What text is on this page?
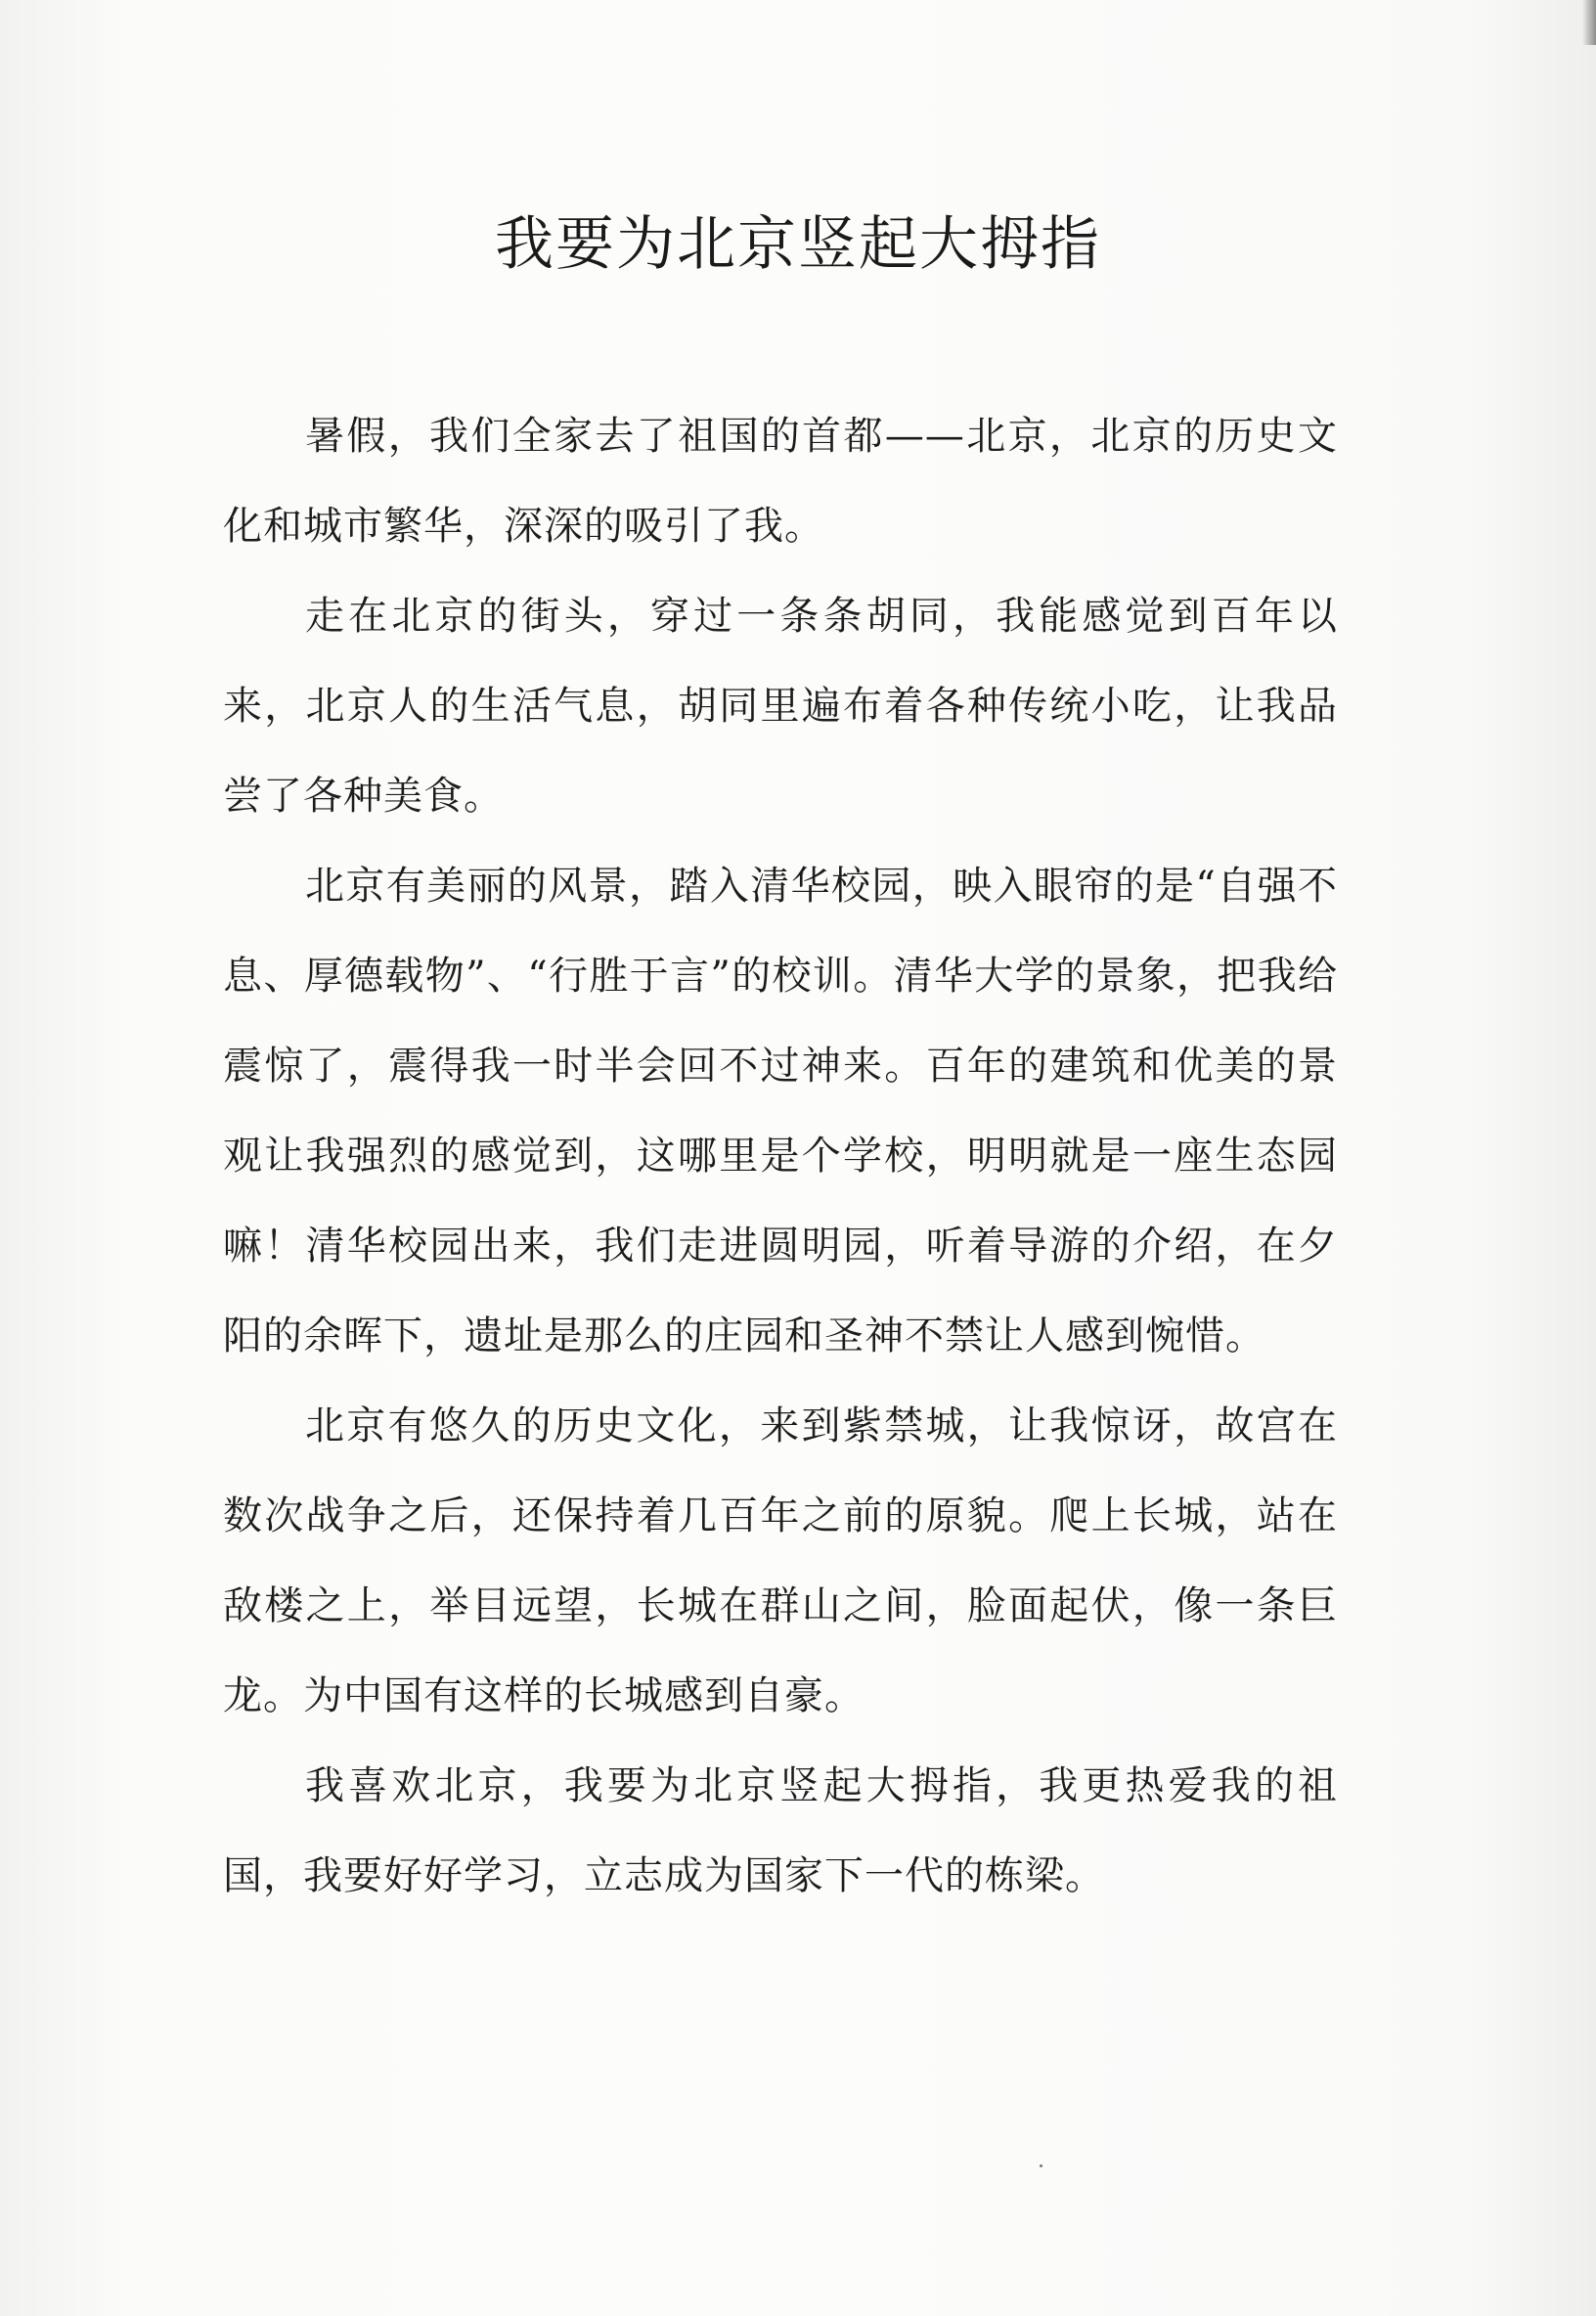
我要为北京竖起大拇指

暑假，我们全家去了祖国的首都——北京，北京的历史文化和城市繁华，深深的吸引了我。

走在北京的街头，穿过一条条胡同，我能感觉到百年以来，北京人的生活气息，胡同里遍布着各种传统小吃，让我品尝了各种美食。

北京有美丽的风景，踏入清华校园，映入眼帘的是“自强不息、厚德载物”、“行胜于言”的校训。清华大学的景象，把我给震惊了，震得我一时半会回不过神来。百年的建筑和优美的景观让我强烈的感觉到，这哪里是个学校，明明就是一座生态园嘛！清华校园出来，我们走进圆明园，听着导游的介绍，在夕阳的余晖下，遗址是那么的庄园和圣神不禁让人感到惋惜。

北京有悠久的历史文化，来到紫禁城，让我惊讶，故宫在数次战争之后，还保持着几百年之前的原貌。爬上长城，站在敌楼之上，举目远望，长城在群山之间，脸面起伏，像一条巨龙。为中国有这样的长城感到自豪。

我喜欢北京，我要为北京竖起大拇指，我更热爱我的祖国，我要好好学习，立志成为国家下一代的栋梁。
